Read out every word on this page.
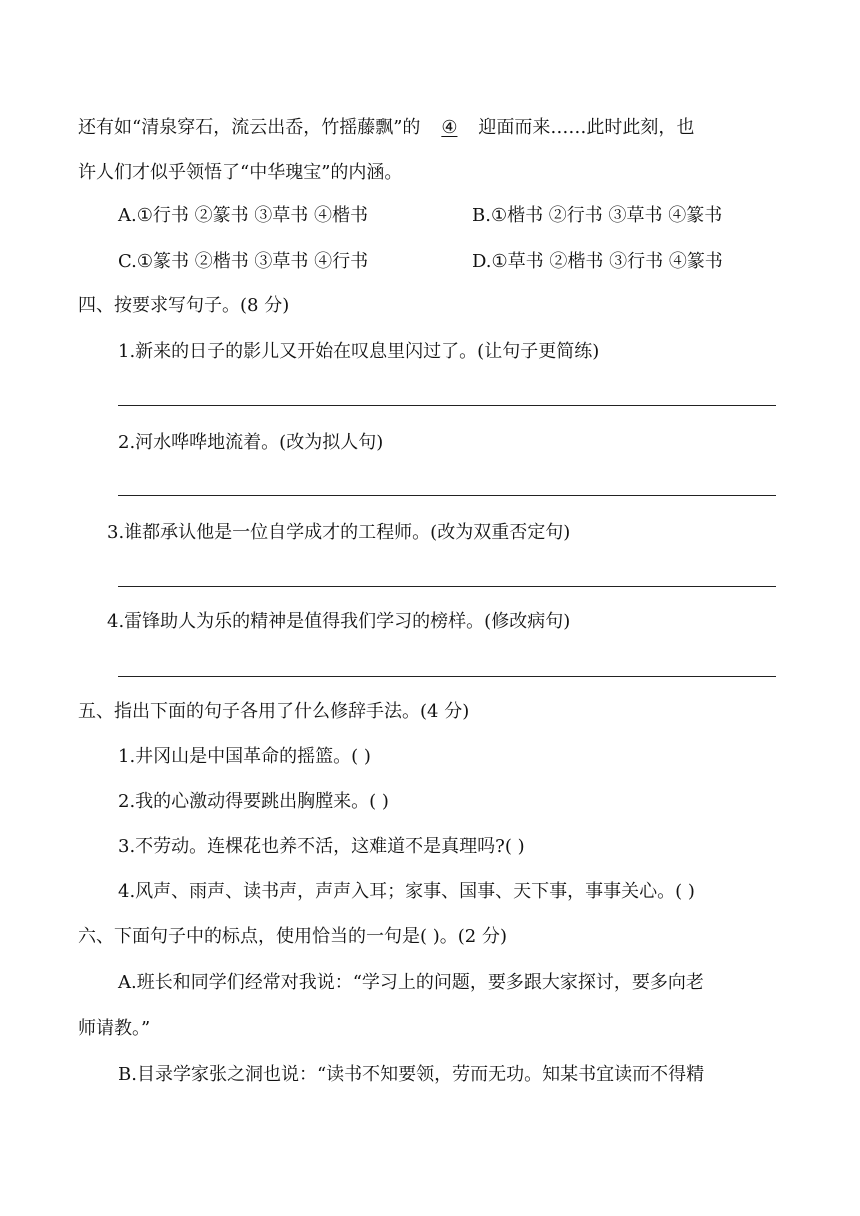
还有如“清泉穿石，流云出岙，竹摇藤飘”的 ④ 迎面而来……此时此刻，也
许人们才似乎领悟了“中华瑰宝”的内涵。
A.①行书 ②篆书 ③草书 ④楷书	B.①楷书 ②行书 ③草书 ④篆书
C.①篆书 ②楷书 ③草书 ④行书	D.①草书 ②楷书 ③行书 ④篆书
四、按要求写句子。(8 分)
1.新来的日子的影儿又开始在叹息里闪过了。(让句子更简练)
2.河水哗哗地流着。(改为拟人句)
3.谁都承认他是一位自学成才的工程师。(改为双重否定句)
4.雷锋助人为乐的精神是值得我们学习的榜样。(修改病句)
五、指出下面的句子各用了什么修辞手法。(4 分)
1.井冈山是中国革命的摇篮。( )
2.我的心激动得要跳出胸膛来。( )
3.不劳动。连棵花也养不活，这难道不是真理吗?( )
4.风声、雨声、读书声，声声入耳；家事、国事、天下事，事事关心。( )
六、下面句子中的标点，使用恰当的一句是( )。(2 分)
A.班长和同学们经常对我说：“学习上的问题，要多跟大家探讨，要多向老
师请教。”
B.目录学家张之洞也说：“读书不知要领，劳而无功。知某书宜读而不得精
